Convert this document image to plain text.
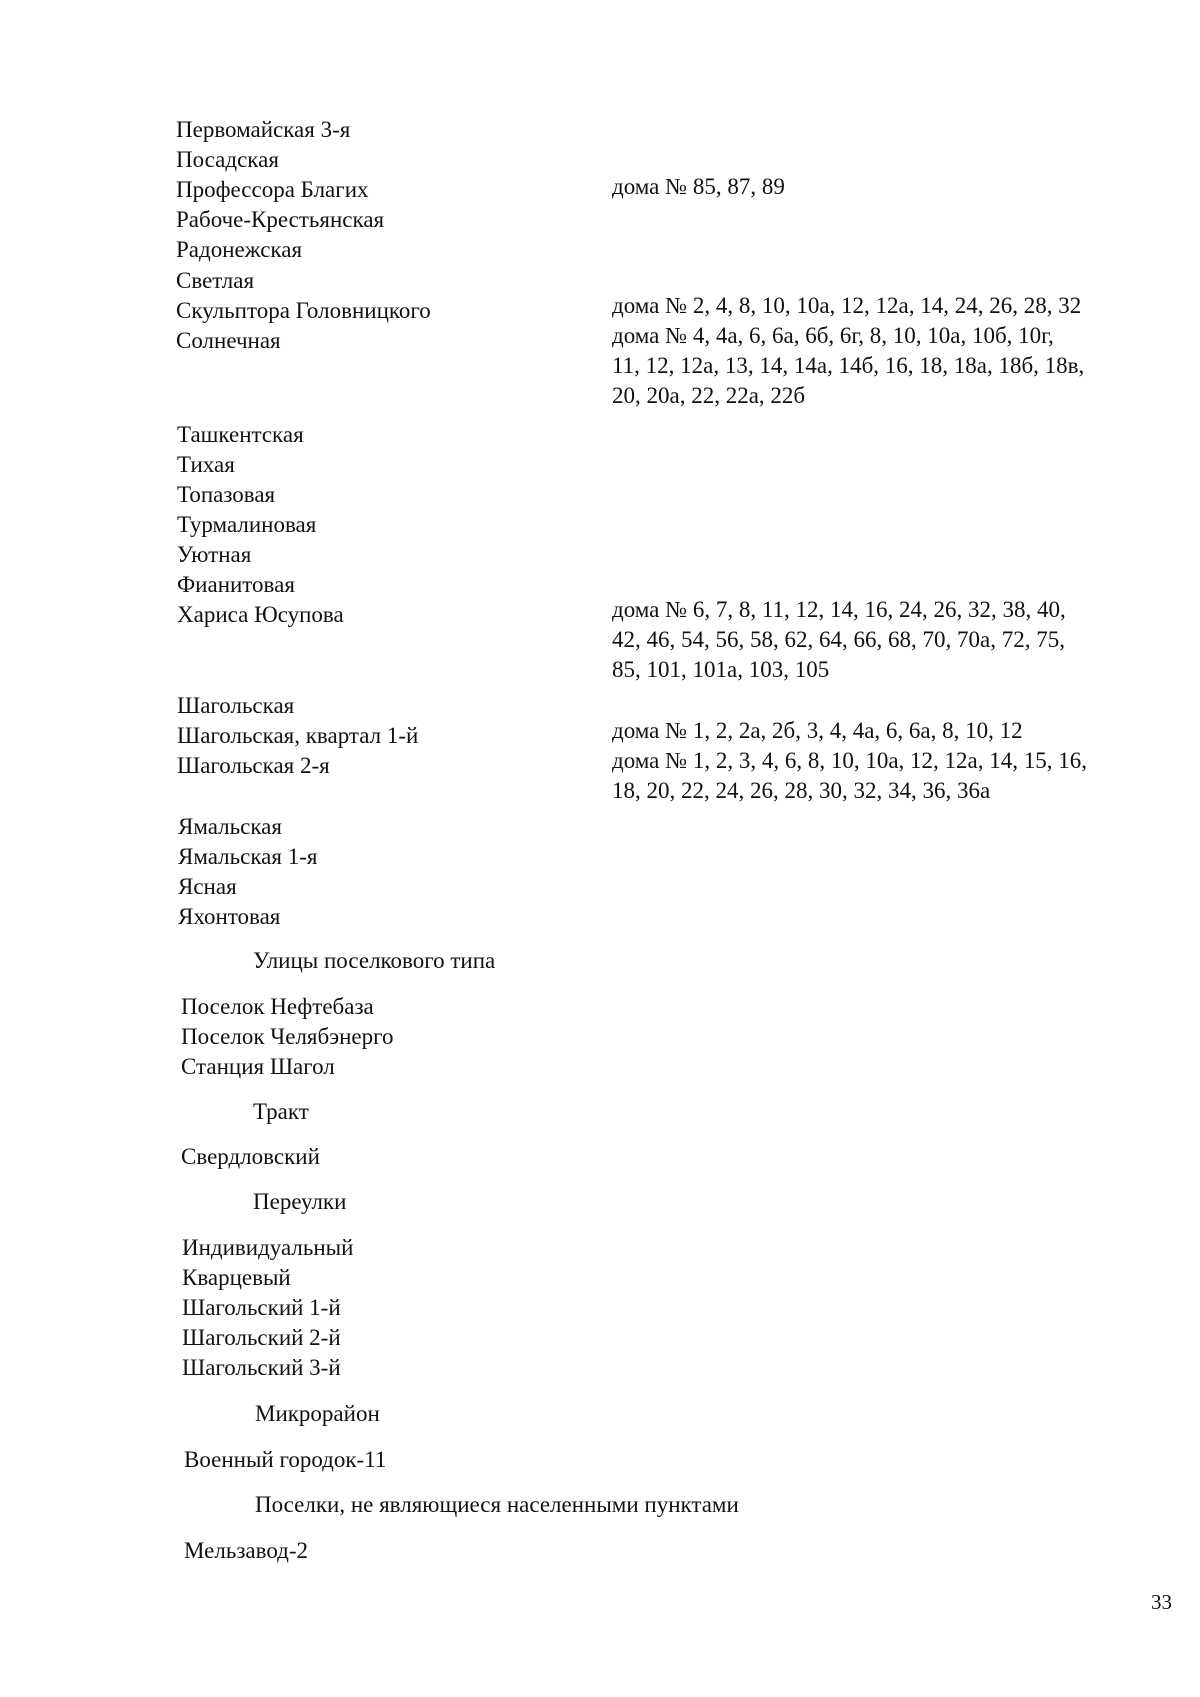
Первомайская 3-я
Посадская
Профессора Благих
Рабоче-Крестьянская
Радонежская
Светлая
Скульптора Головницкого
Солнечная
дома № 85, 87, 89
дома № 2, 4, 8, 10, 10а, 12, 12а, 14, 24, 26, 28, 32
дома № 4, 4а, 6, 6а, 6б, 6г, 8, 10, 10а, 10б, 10г,
11, 12, 12а, 13, 14, 14а, 14б, 16, 18, 18а, 18б, 18в,
20, 20а, 22, 22а, 22б
Ташкентская
Тихая
Топазовая
Турмалиновая
Уютная
Фианитовая
Хариса Юсупова	дома № 6, 7, 8, 11, 12, 14, 16, 24, 26, 32, 38, 40,
42, 46, 54, 56, 58, 62, 64, 66, 68, 70, 70а, 72, 75,
85, 101, 101а, 103, 105
Шагольская
Шагольская, квартал 1-й
Шагольская 2-я
дома № 1, 2, 2а, 2б, 3, 4, 4а, 6, 6а, 8, 10, 12
дома № 1, 2, 3, 4, 6, 8, 10, 10а, 12, 12а, 14, 15, 16,
18, 20, 22, 24, 26, 28, 30, 32, 34, 36, 36а
Ямальская
Ямальская 1-я
Ясная
Яхонтовая
Улицы поселкового типа
Поселок Нефтебаза
Поселок Челябэнерго
Станция Шагол
Тракт
Свердловский
Переулки
Индивидуальный
Кварцевый
Шагольский 1-й
Шагольский 2-й
Шагольский 3-й
Микрорайон
Военный городок-11
Поселки, не являющиеся населенными пунктами
Мельзавод-2
33
